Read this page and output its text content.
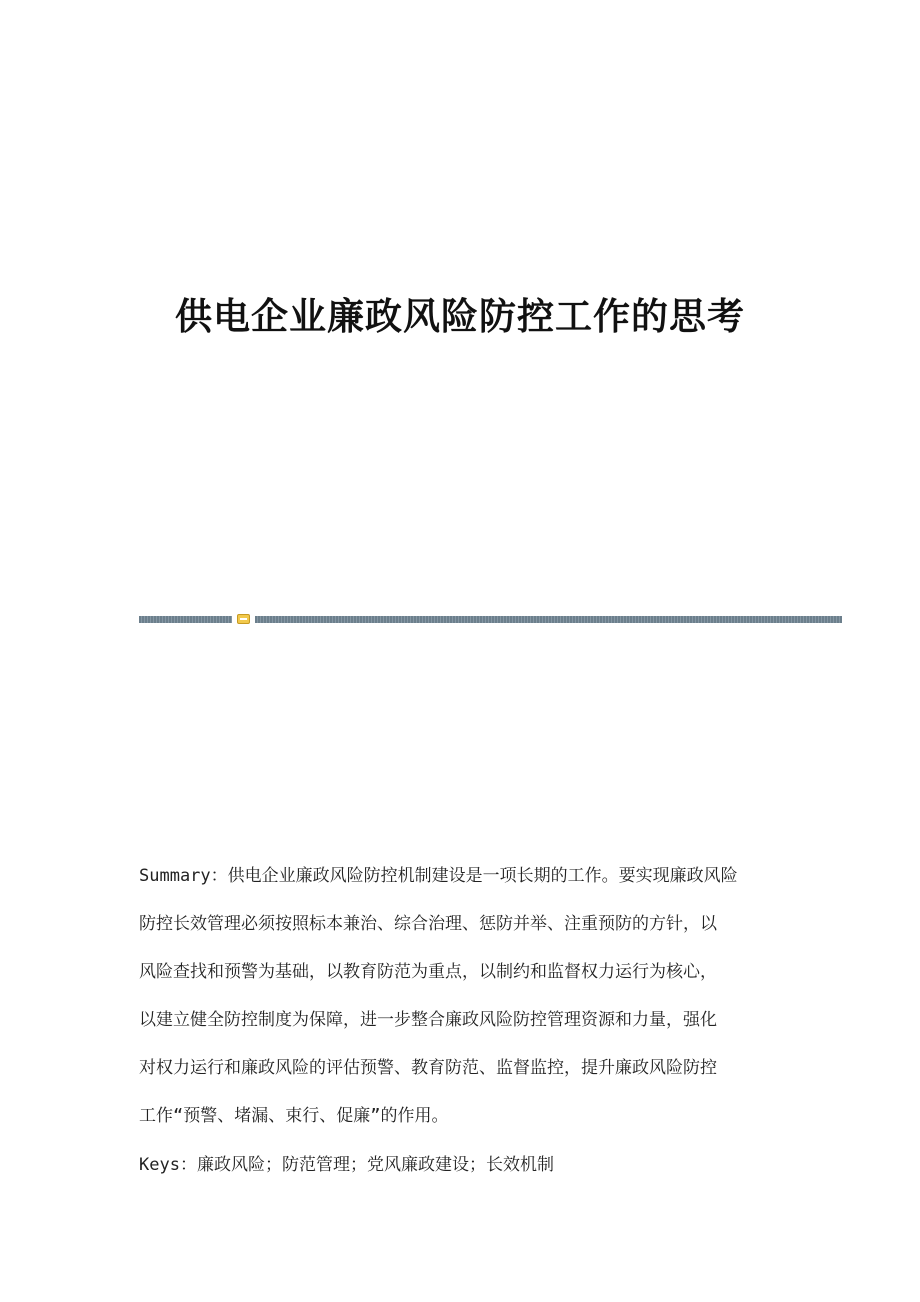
供电企业廉政风险防控工作的思考
Summary：供电企业廉政风险防控机制建设是一项长期的工作。要实现廉政风险
防控长效管理必须按照标本兼治、综合治理、惩防并举、注重预防的方针，以
风险查找和预警为基础，以教育防范为重点，以制约和监督权力运行为核心，
以建立健全防控制度为保障，进一步整合廉政风险防控管理资源和力量，强化
对权力运行和廉政风险的评估预警、教育防范、监督监控，提升廉政风险防控
工作“预警、堵漏、束行、促廉”的作用。
Keys：廉政风险；防范管理；党风廉政建设；长效机制
